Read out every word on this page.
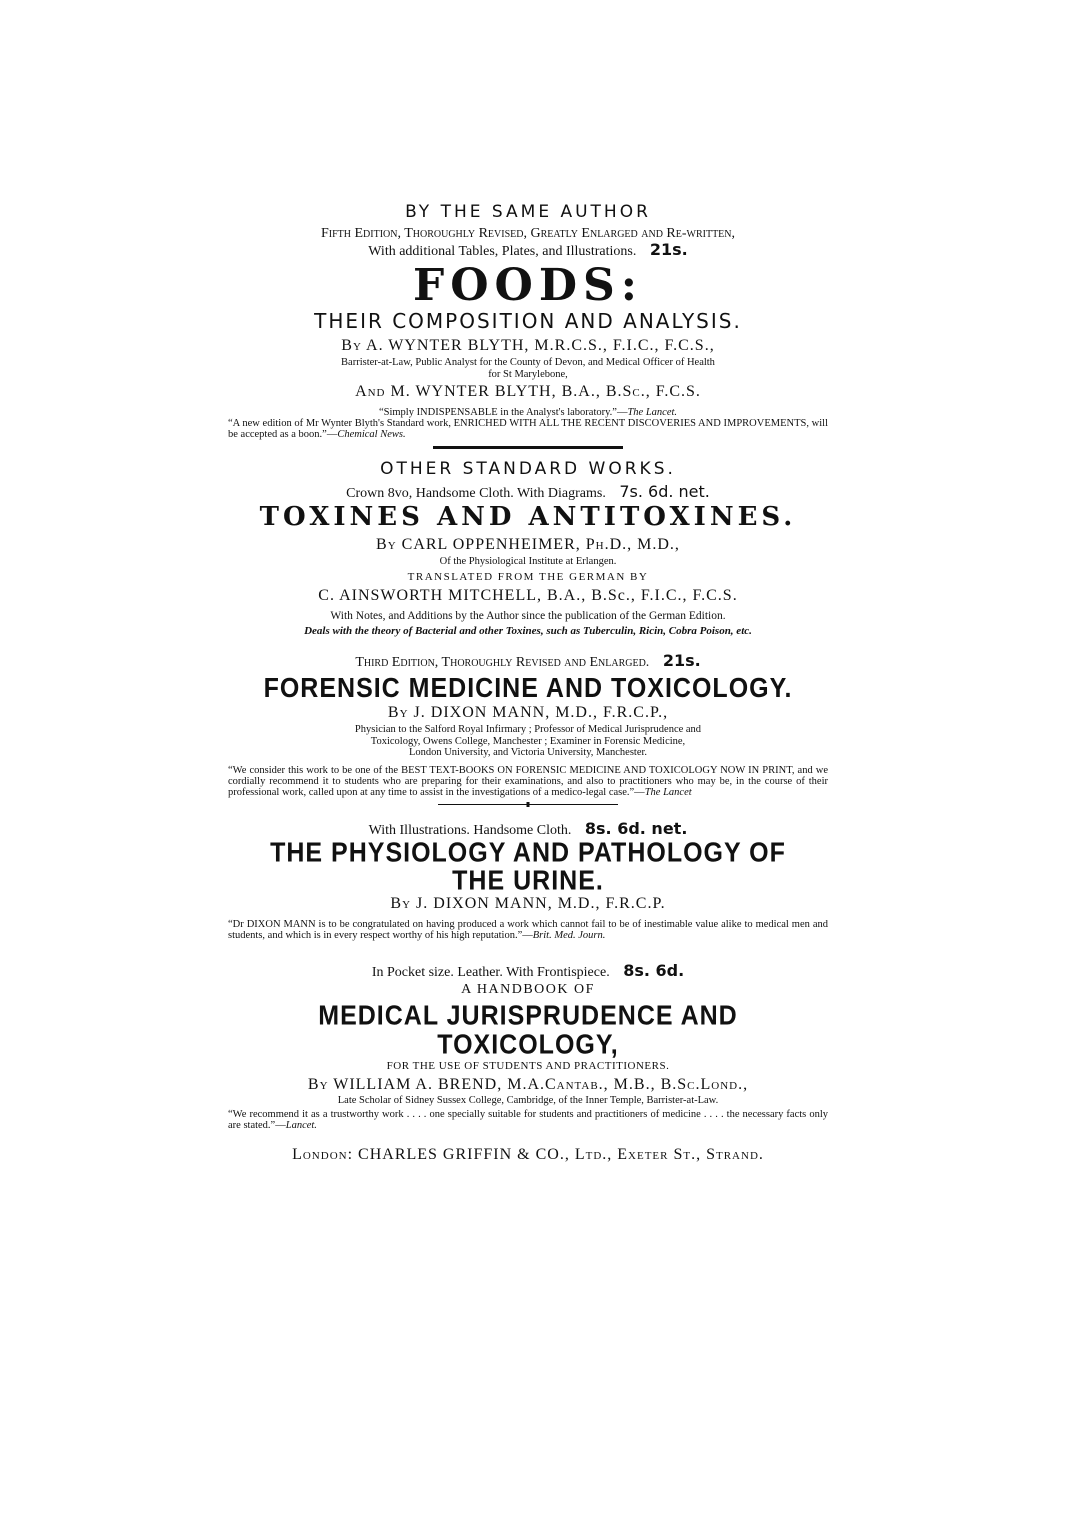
BY THE SAME AUTHOR
Fifth Edition, Thoroughly Revised, Greatly Enlarged and Re-written,
With additional Tables, Plates, and Illustrations. 21s.
FOODS:
THEIR COMPOSITION AND ANALYSIS.
By A. WYNTER BLYTH, M.R.C.S., F.I.C., F.C.S.,
Barrister-at-Law, Public Analyst for the County of Devon, and Medical Officer of Health
for St Marylebone,
And M. WYNTER BLYTH, B.A., B.Sc., F.C.S.
“Simply INDISPENSABLE in the Analyst's laboratory.”—The Lancet.
“A new edition of Mr Wynter Blyth's Standard work, ENRICHED WITH ALL THE RECENT DISCOVERIES AND IMPROVEMENTS, will be accepted as a boon.”—Chemical News.
OTHER STANDARD WORKS.
Crown 8vo, Handsome Cloth. With Diagrams. 7s. 6d. net.
TOXINES AND ANTITOXINES.
By CARL OPPENHEIMER, Ph.D., M.D.,
Of the Physiological Institute at Erlangen.
TRANSLATED FROM THE GERMAN BY
C. AINSWORTH MITCHELL, B.A., B.Sc., F.I.C., F.C.S.
With Notes, and Additions by the Author since the publication of the German Edition.
Deals with the theory of Bacterial and other Toxines, such as Tuberculin, Ricin, Cobra Poison, etc.
Third Edition, Thoroughly Revised and Enlarged. 21s.
FORENSIC MEDICINE AND TOXICOLOGY.
By J. DIXON MANN, M.D., F.R.C.P.,
Physician to the Salford Royal Infirmary ; Professor of Medical Jurisprudence and
Toxicology, Owens College, Manchester ; Examiner in Forensic Medicine,
London University, and Victoria University, Manchester.
“We consider this work to be one of the BEST TEXT-BOOKS ON FORENSIC MEDICINE AND TOXICOLOGY NOW IN PRINT, and we cordially recommend it to students who are preparing for their examinations, and also to practitioners who may be, in the course of their professional work, called upon at any time to assist in the investigations of a medico-legal case.”—The Lancet
With Illustrations. Handsome Cloth. 8s. 6d. net.
THE PHYSIOLOGY AND PATHOLOGY OF
THE URINE.
By J. DIXON MANN, M.D., F.R.C.P.
“Dr DIXON MANN is to be congratulated on having produced a work which cannot fail to be of inestimable value alike to medical men and students, and which is in every respect worthy of his high reputation.”—Brit. Med. Journ.
In Pocket size. Leather. With Frontispiece. 8s. 6d.
A HANDBOOK OF
MEDICAL JURISPRUDENCE AND TOXICOLOGY,
FOR THE USE OF STUDENTS AND PRACTITIONERS.
By WILLIAM A. BREND, M.A.Cantab., M.B., B.Sc.Lond.,
Late Scholar of Sidney Sussex College, Cambridge, of the Inner Temple, Barrister-at-Law.
“We recommend it as a trustworthy work . . . . one specially suitable for students and practitioners of medicine . . . . the necessary facts only are stated.”—Lancet.
London: CHARLES GRIFFIN & CO., Ltd., Exeter St., Strand.
